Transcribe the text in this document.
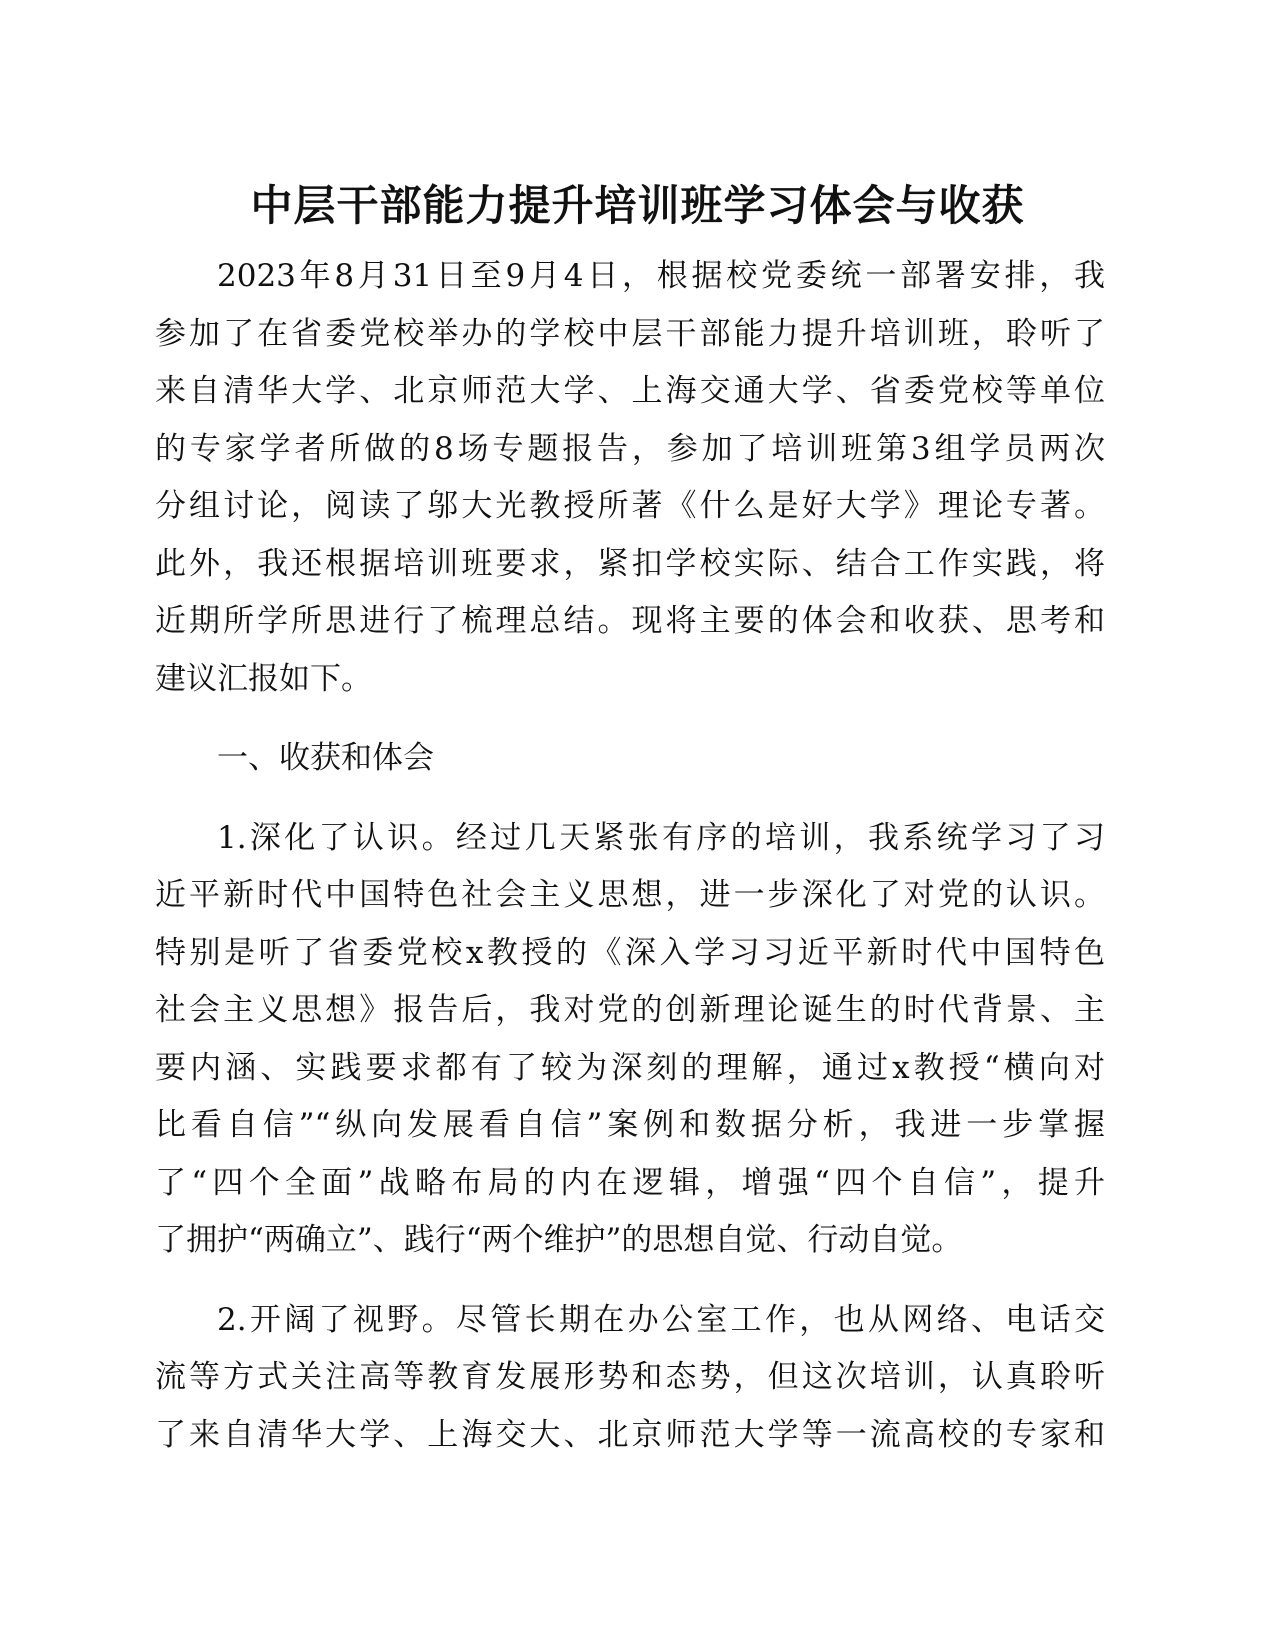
中层干部能力提升培训班学习体会与收获
2023年8月31日至9月4日，根据校党委统一部署安排，我
参加了在省委党校举办的学校中层干部能力提升培训班，聆听了
来自清华大学、北京师范大学、上海交通大学、省委党校等单位
的专家学者所做的8场专题报告，参加了培训班第3组学员两次
分组讨论，阅读了邬大光教授所著《什么是好大学》理论专著。
此外，我还根据培训班要求，紧扣学校实际、结合工作实践，将
近期所学所思进行了梳理总结。现将主要的体会和收获、思考和
建议汇报如下。
一、收获和体会
1.深化了认识。经过几天紧张有序的培训，我系统学习了习
近平新时代中国特色社会主义思想，进一步深化了对党的认识。
特别是听了省委党校x教授的《深入学习习近平新时代中国特色
社会主义思想》报告后，我对党的创新理论诞生的时代背景、主
要内涵、实践要求都有了较为深刻的理解，通过x教授“横向对
比看自信”“纵向发展看自信”案例和数据分析，我进一步掌握
了“四个全面”战略布局的内在逻辑，增强“四个自信”，提升
了拥护“两确立”、践行“两个维护”的思想自觉、行动自觉。
2.开阔了视野。尽管长期在办公室工作，也从网络、电话交
流等方式关注高等教育发展形势和态势，但这次培训，认真聆听
了来自清华大学、上海交大、北京师范大学等一流高校的专家和
